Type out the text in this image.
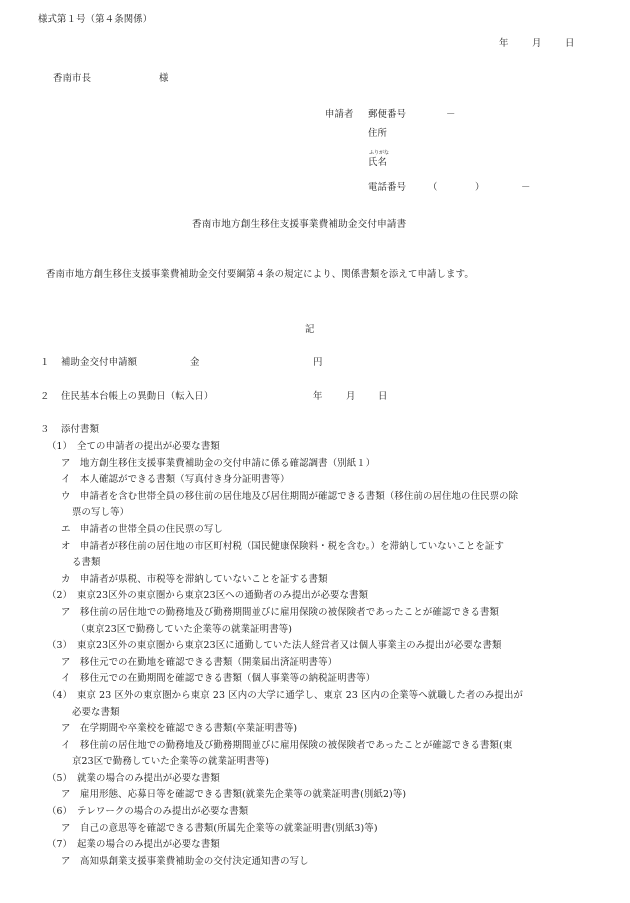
様式第１号（第４条関係）
年 月 日
香南市長	様
申請者 郵便番号	－
住所
ふりがな
氏名
電話番号 （	）	－
香南市地方創生移住支援事業費補助金交付申請書
香南市地方創生移住支援事業費補助金交付要綱第４条の規定により、関係書類を添えて申請します。
記
１ 補助金交付申請額	金	円
２ 住民基本台帳上の異動日（転入日）	年 月 日
３ 添付書類
（1）　全ての申請者の提出が必要な書類
ア　地方創生移住支援事業費補助金の交付申請に係る確認調書（別紙１）
イ　本人確認ができる書類（写真付き身分証明書等）
ウ　申請者を含む世帯全員の移住前の居住地及び居住期間が確認できる書類（移住前の居住地の住民票の除
票の写し等）
エ　申請者の世帯全員の住民票の写し
オ　申請者が移住前の居住地の市区町村税（国民健康保険料・税を含む。）を滞納していないことを証す
る書類
カ　申請者が県税、市税等を滞納していないことを証する書類
（2）　東京23区外の東京圏から東京23区への通勤者のみ提出が必要な書類
ア　移住前の居住地での勤務地及び勤務期間並びに雇用保険の被保険者であったことが確認できる書類
（東京23区で勤務していた企業等の就業証明書等)
（3）　東京23区外の東京圏から東京23区に通勤していた法人経営者又は個人事業主のみ提出が必要な書類
ア　移住元での在勤地を確認できる書類（開業届出済証明書等）
イ　移住元での在勤期間を確認できる書類（個人事業等の納税証明書等）
（4）　東京 23 区外の東京圏から東京 23 区内の大学に通学し、東京 23 区内の企業等へ就職した者のみ提出が
必要な書類
ア　在学期間や卒業校を確認できる書類(卒業証明書等)
イ　移住前の居住地での勤務地及び勤務期間並びに雇用保険の被保険者であったことが確認できる書類(東
京23区で勤務していた企業等の就業証明書等)
（5）　就業の場合のみ提出が必要な書類
ア　雇用形態、応募日等を確認できる書類(就業先企業等の就業証明書(別紙2)等)
（6）　テレワークの場合のみ提出が必要な書類
ア　自己の意思等を確認できる書類(所属先企業等の就業証明書(別紙3)等)
（7）　起業の場合のみ提出が必要な書類
ア　高知県創業支援事業費補助金の交付決定通知書の写し
